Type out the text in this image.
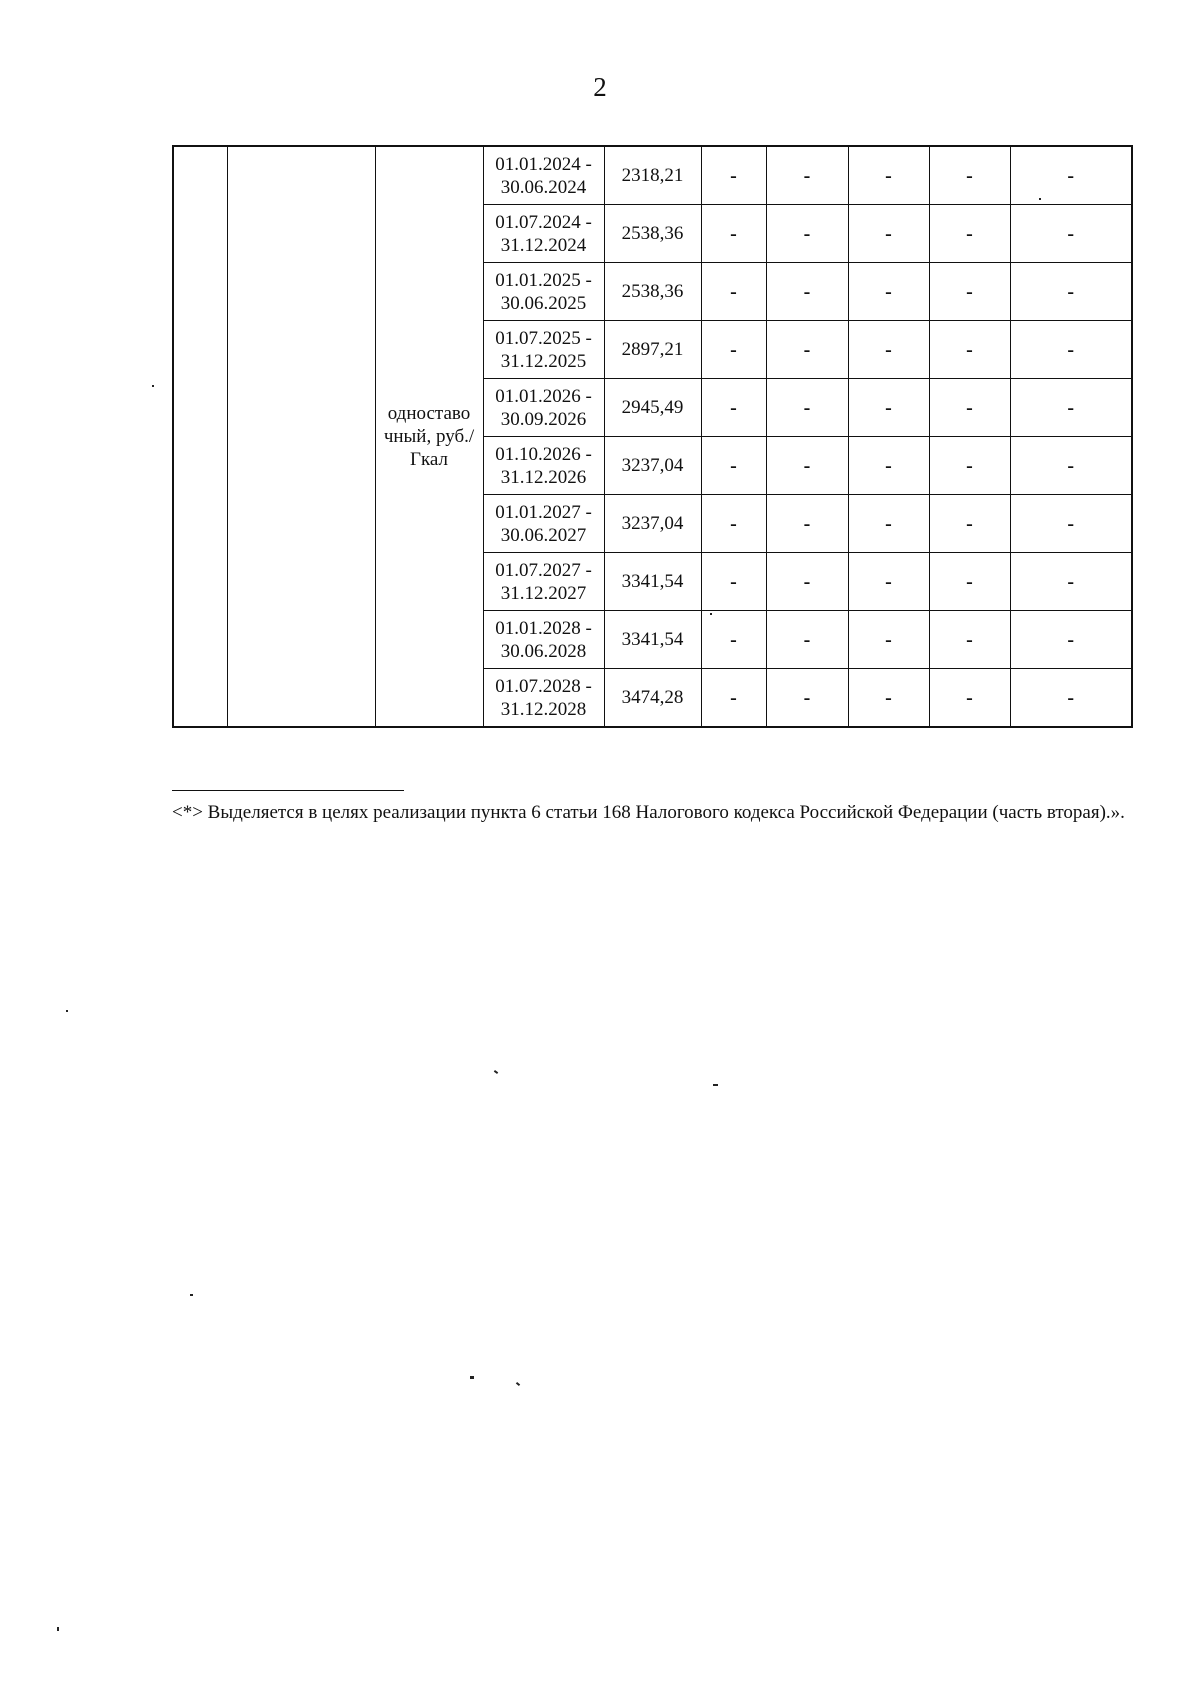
2
		одноставо чный, руб./Гкал	01.01.2024 - 30.06.2024	2318,21	-	-	-	-	-
			01.07.2024 - 31.12.2024	2538,36	-	-	-	-	-
			01.01.2025 - 30.06.2025	2538,36	-	-	-	-	-
			01.07.2025 - 31.12.2025	2897,21	-	-	-	-	-
			01.01.2026 - 30.09.2026	2945,49	-	-	-	-	-
			01.10.2026 - 31.12.2026	3237,04	-	-	-	-	-
			01.01.2027 - 30.06.2027	3237,04	-	-	-	-	-
			01.07.2027 - 31.12.2027	3341,54	-	-	-	-	-
			01.01.2028 - 30.06.2028	3341,54	-	-	-	-	-
			01.07.2028 - 31.12.2028	3474,28	-	-	-	-	-
<*> Выделяется в целях реализации пункта 6 статьи 168 Налогового кодекса Российской Федерации (часть вторая).».
